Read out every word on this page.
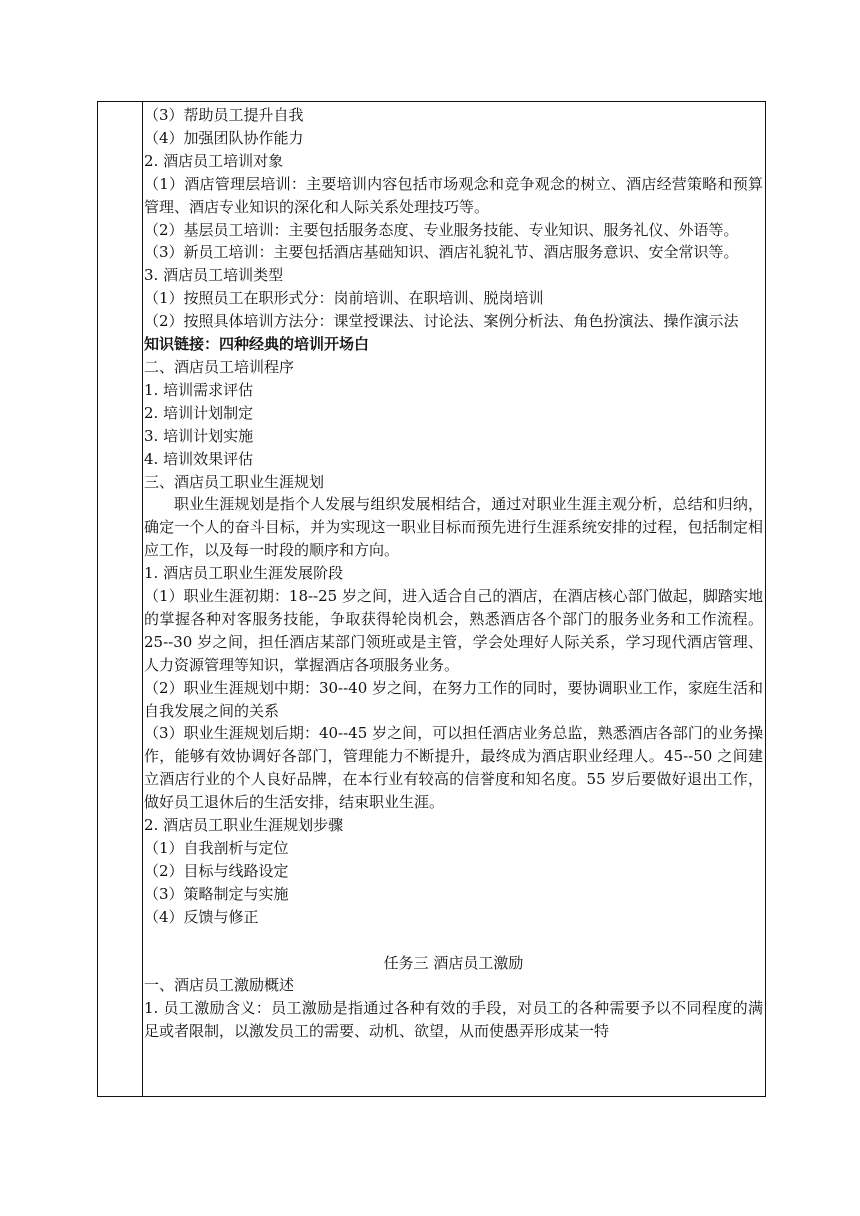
（3）帮助员工提升自我
（4）加强团队协作能力
2. 酒店员工培训对象
（1）酒店管理层培训：主要培训内容包括市场观念和竞争观念的树立、酒店经营策略和预算管理、酒店专业知识的深化和人际关系处理技巧等。
（2）基层员工培训：主要包括服务态度、专业服务技能、专业知识、服务礼仪、外语等。
（3）新员工培训：主要包括酒店基础知识、酒店礼貌礼节、酒店服务意识、安全常识等。
3. 酒店员工培训类型
（1）按照员工在职形式分：岗前培训、在职培训、脱岗培训
（2）按照具体培训方法分：课堂授课法、讨论法、案例分析法、角色扮演法、操作演示法
知识链接：四种经典的培训开场白
二、酒店员工培训程序
1. 培训需求评估
2. 培训计划制定
3. 培训计划实施
4. 培训效果评估
三、酒店员工职业生涯规划
职业生涯规划是指个人发展与组织发展相结合，通过对职业生涯主观分析，总结和归纳，确定一个人的奋斗目标，并为实现这一职业目标而预先进行生涯系统安排的过程，包括制定相应工作，以及每一时段的顺序和方向。
1. 酒店员工职业生涯发展阶段
（1）职业生涯初期：18--25 岁之间，进入适合自己的酒店，在酒店核心部门做起，脚踏实地的掌握各种对客服务技能，争取获得轮岗机会，熟悉酒店各个部门的服务业务和工作流程。25--30 岁之间，担任酒店某部门领班或是主管，学会处理好人际关系，学习现代酒店管理、人力资源管理等知识，掌握酒店各项服务业务。
（2）职业生涯规划中期：30--40 岁之间，在努力工作的同时，要协调职业工作，家庭生活和自我发展之间的关系
（3）职业生涯规划后期：40--45 岁之间，可以担任酒店业务总监，熟悉酒店各部门的业务操作，能够有效协调好各部门，管理能力不断提升，最终成为酒店职业经理人。45--50 之间建立酒店行业的个人良好品牌，在本行业有较高的信誉度和知名度。55 岁后要做好退出工作，做好员工退休后的生活安排，结束职业生涯。
2. 酒店员工职业生涯规划步骤
（1）自我剖析与定位
（2）目标与线路设定
（3）策略制定与实施
（4）反馈与修正
任务三 酒店员工激励
一、酒店员工激励概述
1. 员工激励含义：员工激励是指通过各种有效的手段，对员工的各种需要予以不同程度的满足或者限制，以激发员工的需要、动机、欲望，从而使愚弄形成某一特
